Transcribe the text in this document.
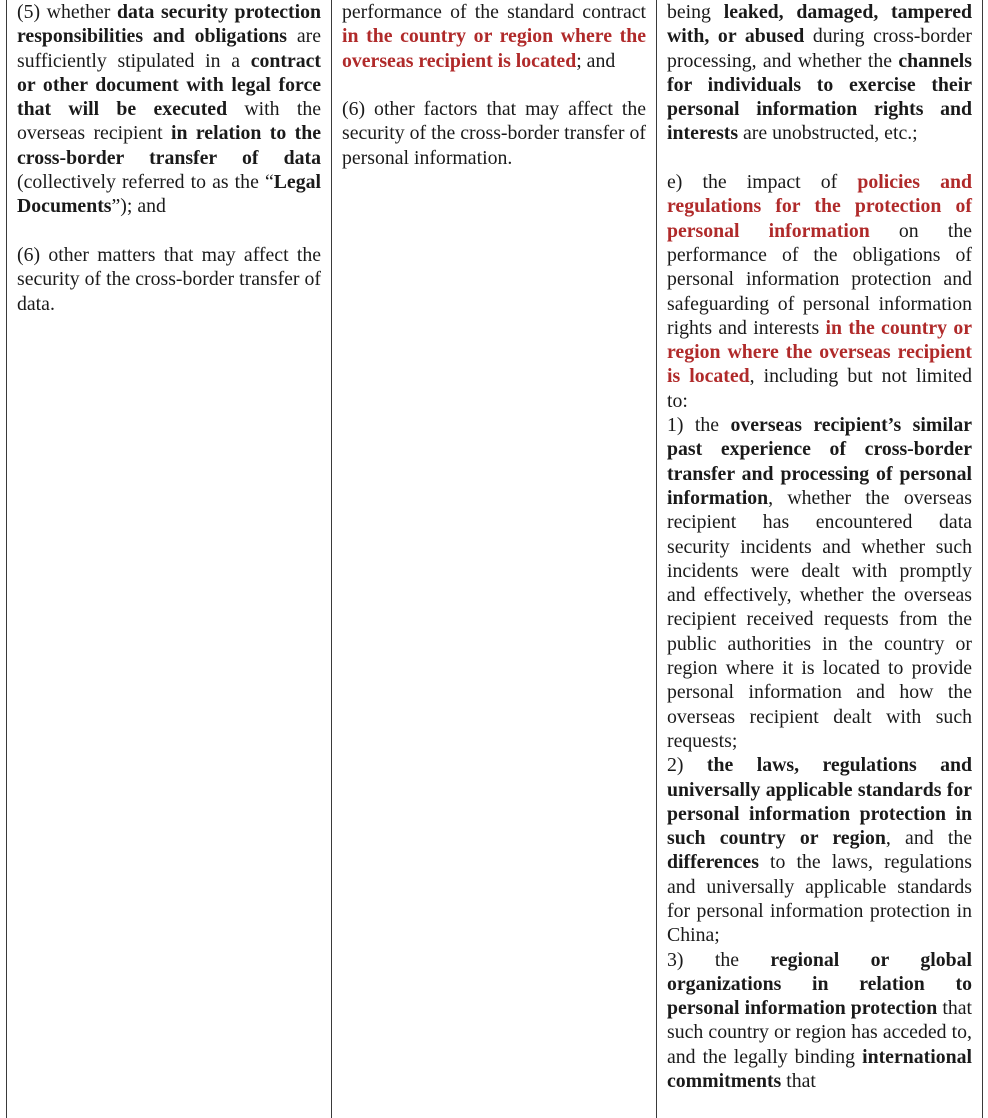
(5) whether data security protection responsibilities and obligations are sufficiently stipulated in a contract or other document with legal force that will be executed with the overseas recipient in relation to the cross-border transfer of data (collectively referred to as the “Legal Documents”); and

(6) other matters that may affect the security of the cross-border transfer of data.

performance of the standard contract in the country or region where the overseas recipient is located; and

(6) other factors that may affect the security of the cross-border transfer of personal information.

being leaked, damaged, tampered with, or abused during cross-border processing, and whether the channels for individuals to exercise their personal information rights and interests are unobstructed, etc.;

e) the impact of policies and regulations for the protection of personal information on the performance of the obligations of personal information protection and safeguarding of personal information rights and interests in the country or region where the overseas recipient is located, including but not limited to:

1) the overseas recipient’s similar past experience of cross-border transfer and processing of personal information, whether the overseas recipient has encountered data security incidents and whether such incidents were dealt with promptly and effectively, whether the overseas recipient received requests from the public authorities in the country or region where it is located to provide personal information and how the overseas recipient dealt with such requests;

2) the laws, regulations and universally applicable standards for personal information protection in such country or region, and the differences to the laws, regulations and universally applicable standards for personal information protection in China;

3) the regional or global organizations in relation to personal information protection that such country or region has acceded to, and the legally binding international commitments that
